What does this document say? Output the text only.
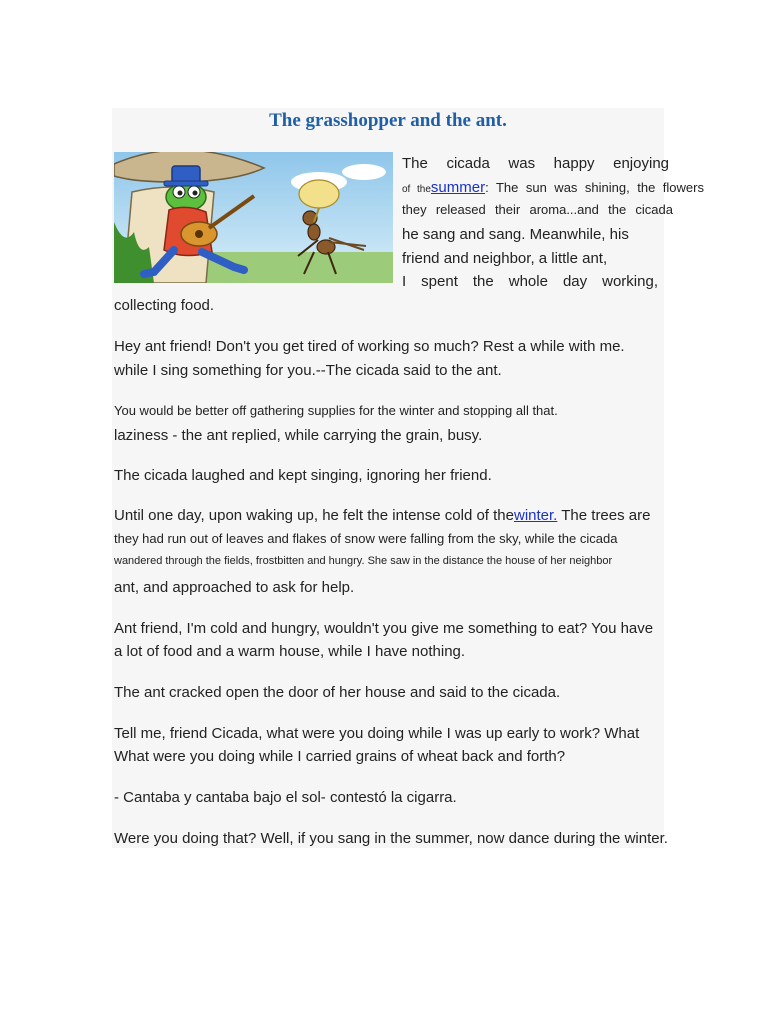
The grasshopper and the ant.
The cicada was happy enjoying
of thesummer: The sun was shining, the flowers
they released their aroma...and the cicada
he sang and sang. Meanwhile, his
friend and neighbor, a little ant,
I spent the whole day working,
collecting food.
Hey ant friend! Don't you get tired of working so much? Rest a while with me.
while I sing something for you.--The cicada said to the ant.
You would be better off gathering supplies for the winter and stopping all that.
laziness - the ant replied, while carrying the grain, busy.
The cicada laughed and kept singing, ignoring her friend.
Until one day, upon waking up, he felt the intense cold of thewinter. The trees are
they had run out of leaves and flakes of snow were falling from the sky, while the cicada
wandered through the fields, frostbitten and hungry. She saw in the distance the house of her neighbor
ant, and approached to ask for help.
Ant friend, I'm cold and hungry, wouldn't you give me something to eat? You have
a lot of food and a warm house, while I have nothing.
The ant cracked open the door of her house and said to the cicada.
Tell me, friend Cicada, what were you doing while I was up early to work? What
What were you doing while I carried grains of wheat back and forth?
- Cantaba y cantaba bajo el sol- contestó la cigarra.
Were you doing that? Well, if you sang in the summer, now dance during the winter.
